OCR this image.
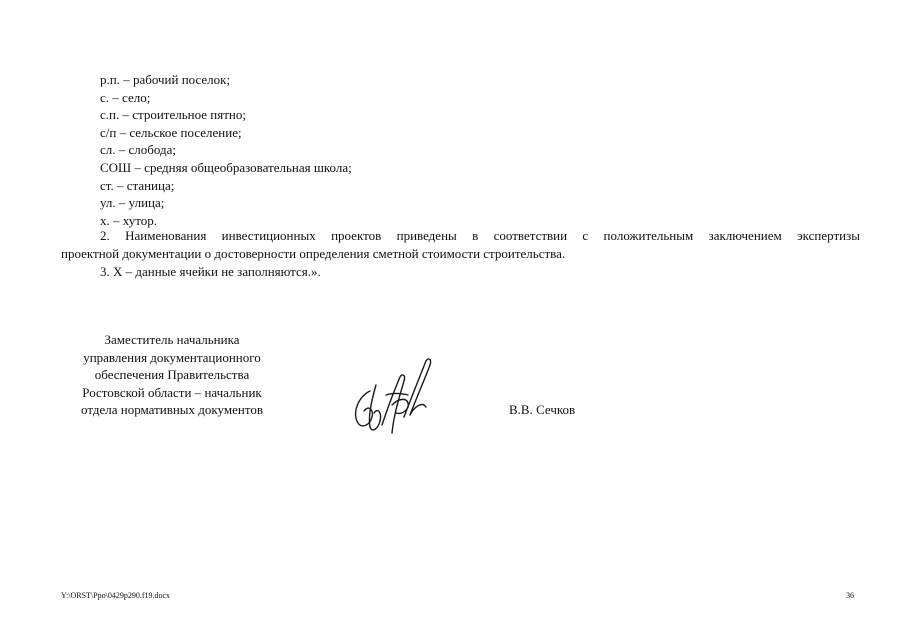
р.п. – рабочий поселок;
с. – село;
с.п. – строительное пятно;
с/п – сельское поселение;
сл. – слобода;
СОШ – средняя общеобразовательная школа;
ст. – станица;
ул. – улица;
х. – хутор.
2. Наименования инвестиционных проектов приведены в соответствии с положительным заключением экспертизы
проектной документации о достоверности определения сметной стоимости строительства.
3. Х – данные ячейки не заполняются.».
Заместитель начальника
управления документационного
обеспечения Правительства
Ростовской области – начальник
отдела нормативных документов	В.В. Сечков
Y:\ORST\Ppo\0429p290.f19.docx	36
